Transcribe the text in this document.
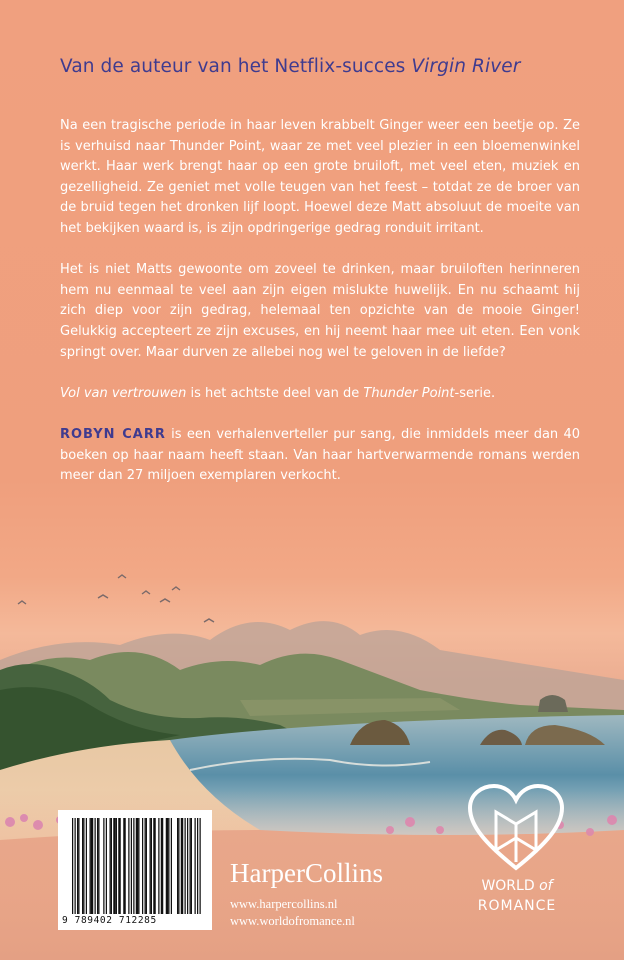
Van de auteur van het Netflix-succes Virgin River

Na een tragische periode in haar leven krabbelt Ginger weer een beetje op. Ze is verhuisd naar Thunder Point, waar ze met veel plezier in een bloemenwinkel werkt. Haar werk brengt haar op een grote bruiloft, met veel eten, muziek en gezelligheid. Ze geniet met volle teugen van het feest – totdat ze de broer van de bruid tegen het dronken lijf loopt. Hoewel deze Matt absoluut de moeite van het bekijken waard is, is zijn opdringerige gedrag ronduit irritant.

Het is niet Matts gewoonte om zoveel te drinken, maar bruiloften herinneren hem nu eenmaal te veel aan zijn eigen mislukte huwelijk. En nu schaamt hij zich diep voor zijn gedrag, helemaal ten opzichte van de mooie Ginger! Gelukkig accepteert ze zijn excuses, en hij neemt haar mee uit eten. Een vonk springt over. Maar durven ze allebei nog wel te geloven in de liefde?

Vol van vertrouwen is het achtste deel van de Thunder Point-serie.

ROBYN CARR is een verhalenverteller pur sang, die inmiddels meer dan 40 boeken op haar naam heeft staan. Van haar hartverwarmende romans werden meer dan 27 miljoen exemplaren verkocht.

9 789402 712285
HarperCollins
www.harpercollins.nl
www.worldofromance.nl
WORLD of
ROMANCE
